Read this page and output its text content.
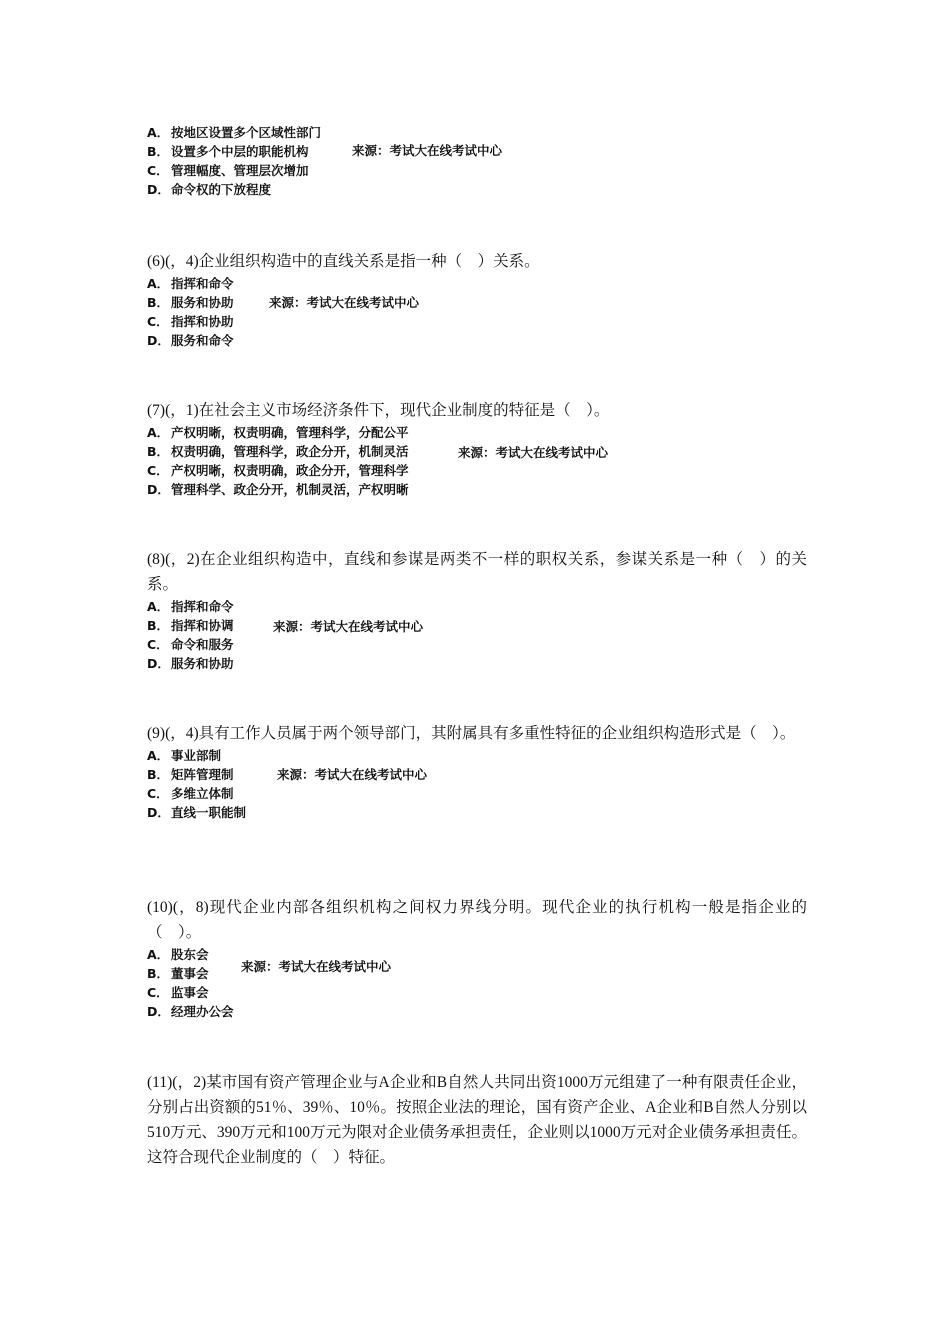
A． 按地区设置多个区域性部门
B． 设置多个中层的职能机构
C． 管理幅度、管理层次增加
D．命令权的下放程度
来源：考试大在线考试中心

(6)(，4)企业组织构造中的直线关系是指一种（　）关系。

A． 指挥和命令
B． 服务和协助
C． 指挥和协助
D．服务和命令
来源：考试大在线考试中心

(7)(，1)在社会主义市场经济条件下，现代企业制度的特征是（　）。

A． 产权明晰，权责明确，管理科学，分配公平
B． 权责明确，管理科学，政企分开，机制灵活
C． 产权明晰，权责明确，政企分开，管理科学
D．管理科学、政企分开，机制灵活，产权明晰
来源：考试大在线考试中心

(8)(，2)在企业组织构造中，直线和参谋是两类不一样的职权关系，参谋关系是一种（　）的关系。

A． 指挥和命令
B． 指挥和协调
C． 命令和服务
D．服务和协助
来源：考试大在线考试中心

(9)(，4)具有工作人员属于两个领导部门，其附属具有多重性特征的企业组织构造形式是（　）。

A． 事业部制
B． 矩阵管理制
C． 多维立体制
D．直线一职能制
来源：考试大在线考试中心

(10)(，8)现代企业内部各组织机构之间权力界线分明。现代企业的执行机构一般是指企业的（　）。

A． 股东会
B． 董事会
C． 监事会
D．经理办公会
来源：考试大在线考试中心

(11)(，2)某市国有资产管理企业与A企业和B自然人共同出资1000万元组建了一种有限责任企业，分别占出资额的51％、39％、10％。按照企业法的理论，国有资产企业、A企业和B自然人分别以510万元、390万元和100万元为限对企业债务承担责任，企业则以1000万元对企业债务承担责任。这符合现代企业制度的（　）特征。
